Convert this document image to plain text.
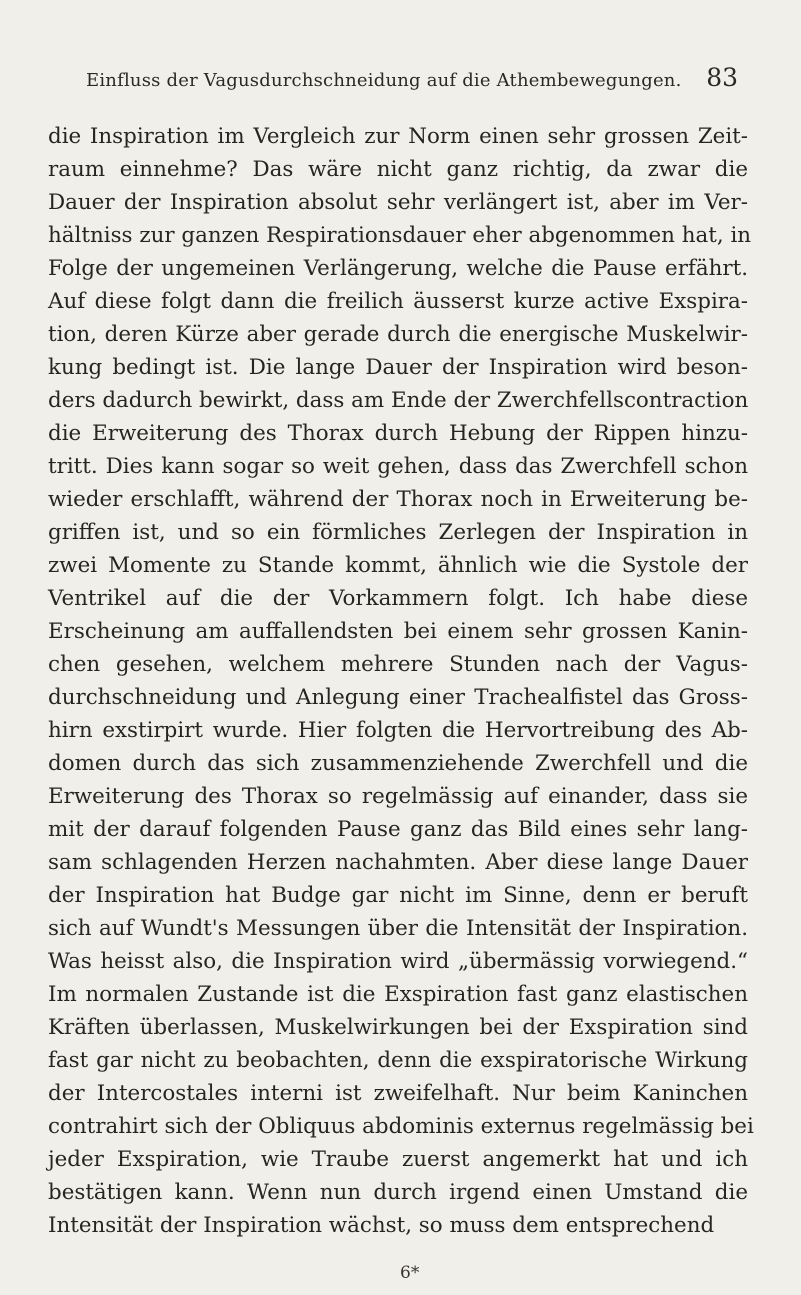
Einfluss der Vagusdurchschneidung auf die Athembewegungen. 83
die Inspiration im Vergleich zur Norm einen sehr grossen Zeit-
raum einnehme? Das wäre nicht ganz richtig, da zwar die
Dauer der Inspiration absolut sehr verlängert ist, aber im Ver-
hältniss zur ganzen Respirationsdauer eher abgenommen hat, in
Folge der ungemeinen Verlängerung, welche die Pause erfährt.
Auf diese folgt dann die freilich äusserst kurze active Exspira-
tion, deren Kürze aber gerade durch die energische Muskelwir-
kung bedingt ist. Die lange Dauer der Inspiration wird beson-
ders dadurch bewirkt, dass am Ende der Zwerchfellscontraction
die Erweiterung des Thorax durch Hebung der Rippen hinzu-
tritt. Dies kann sogar so weit gehen, dass das Zwerchfell schon
wieder erschlafft, während der Thorax noch in Erweiterung be-
griffen ist, und so ein förmliches Zerlegen der Inspiration in
zwei Momente zu Stande kommt, ähnlich wie die Systole der
Ventrikel auf die der Vorkammern folgt. Ich habe diese
Erscheinung am auffallendsten bei einem sehr grossen Kanin-
chen gesehen, welchem mehrere Stunden nach der Vagus-
durchschneidung und Anlegung einer Trachealfistel das Gross-
hirn exstirpirt wurde. Hier folgten die Hervortreibung des Ab-
domen durch das sich zusammenziehende Zwerchfell und die
Erweiterung des Thorax so regelmässig auf einander, dass sie
mit der darauf folgenden Pause ganz das Bild eines sehr lang-
sam schlagenden Herzen nachahmten. Aber diese lange Dauer
der Inspiration hat Budge gar nicht im Sinne, denn er beruft
sich auf Wundt's Messungen über die Intensität der Inspiration.
Was heisst also, die Inspiration wird „übermässig vorwiegend.“
Im normalen Zustande ist die Exspiration fast ganz elastischen
Kräften überlassen, Muskelwirkungen bei der Exspiration sind
fast gar nicht zu beobachten, denn die exspiratorische Wirkung
der Intercostales interni ist zweifelhaft. Nur beim Kaninchen
contrahirt sich der Obliquus abdominis externus regelmässig bei
jeder Exspiration, wie Traube zuerst angemerkt hat und ich
bestätigen kann. Wenn nun durch irgend einen Umstand die
Intensität der Inspiration wächst, so muss dem entsprechend
6*
